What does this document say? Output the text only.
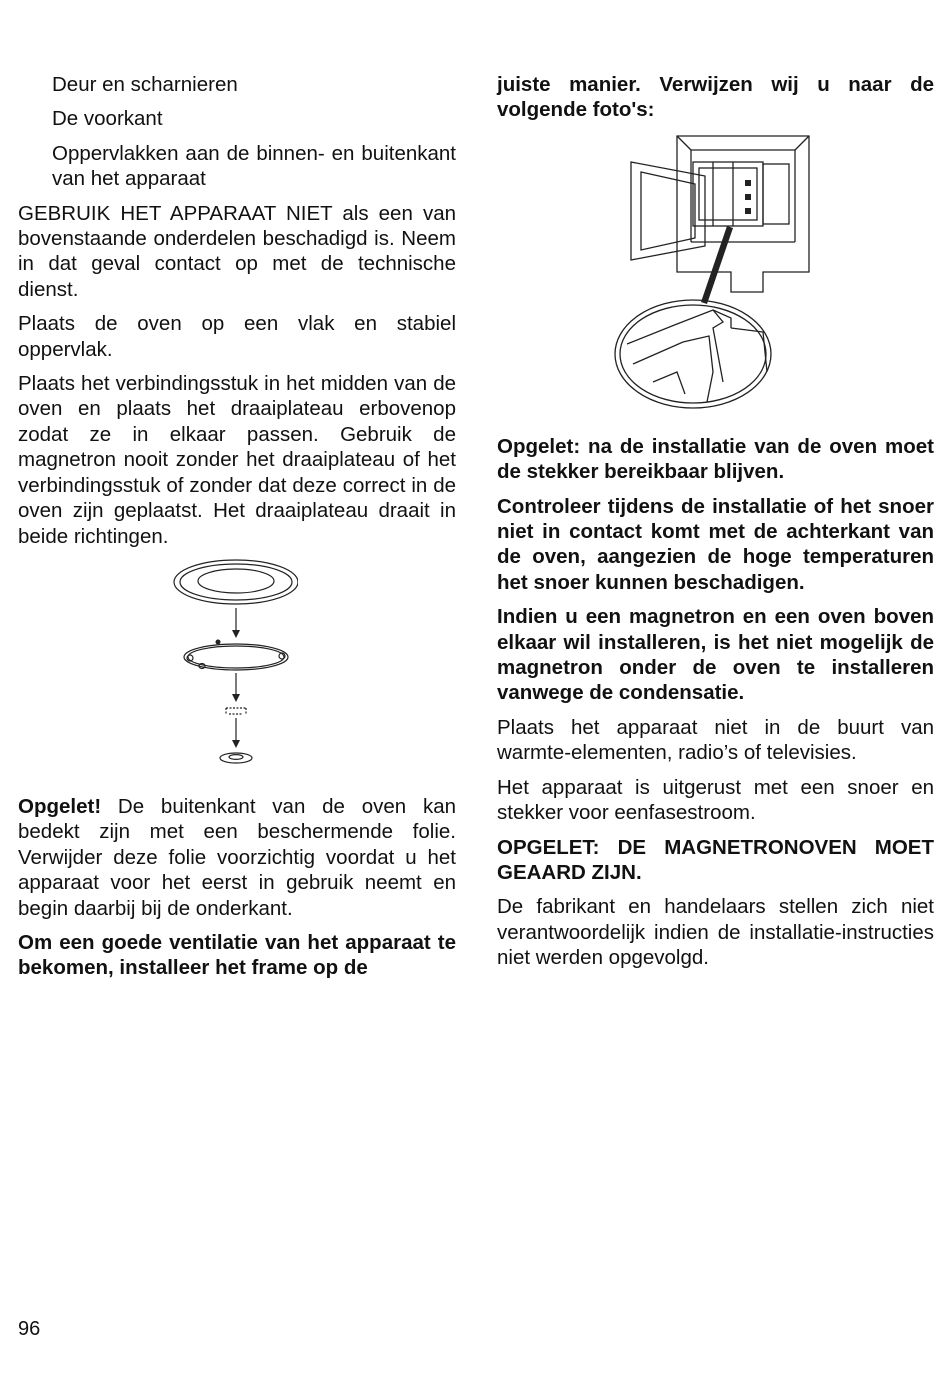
Deur en scharnieren

De voorkant

Oppervlakken aan de binnen- en buitenkant van het apparaat

GEBRUIK HET APPARAAT NIET als een van bovenstaande onderdelen beschadigd is. Neem in dat geval contact op met de technische dienst.

Plaats de oven op een vlak en stabiel oppervlak.

Plaats het verbindingsstuk in het midden van de oven en plaats het draaiplateau erbovenop zodat ze in elkaar passen. Gebruik de magnetron nooit zonder het draaiplateau of het verbindingsstuk of zonder dat deze correct in de oven zijn geplaatst. Het draaiplateau draait in beide richtingen.

Opgelet! De buitenkant van de oven kan bedekt zijn met een beschermende folie. Verwijder deze folie voorzichtig voordat u het apparaat voor het eerst in gebruik neemt en begin daarbij bij de onderkant.

Om een goede ventilatie van het apparaat te bekomen, installeer het frame op de

juiste manier. Verwijzen wij u naar de volgende foto's:

Opgelet: na de installatie van de oven moet de stekker bereikbaar blijven.

Controleer tijdens de installatie of het snoer niet in contact komt met de achterkant van de oven, aangezien de hoge temperaturen het snoer kunnen beschadigen.

Indien u een magnetron en een oven boven elkaar wil installeren, is het niet mogelijk de magnetron onder de oven te installeren vanwege de condensatie.

Plaats het apparaat niet in de buurt van warmte-elementen, radio’s of televisies.

Het apparaat is uitgerust met een snoer en stekker voor eenfasestroom.

OPGELET: DE MAGNETRONOVEN MOET GEAARD ZIJN.

De fabrikant en handelaars stellen zich niet verantwoordelijk indien de installatie-instructies niet werden opgevolgd.

96
